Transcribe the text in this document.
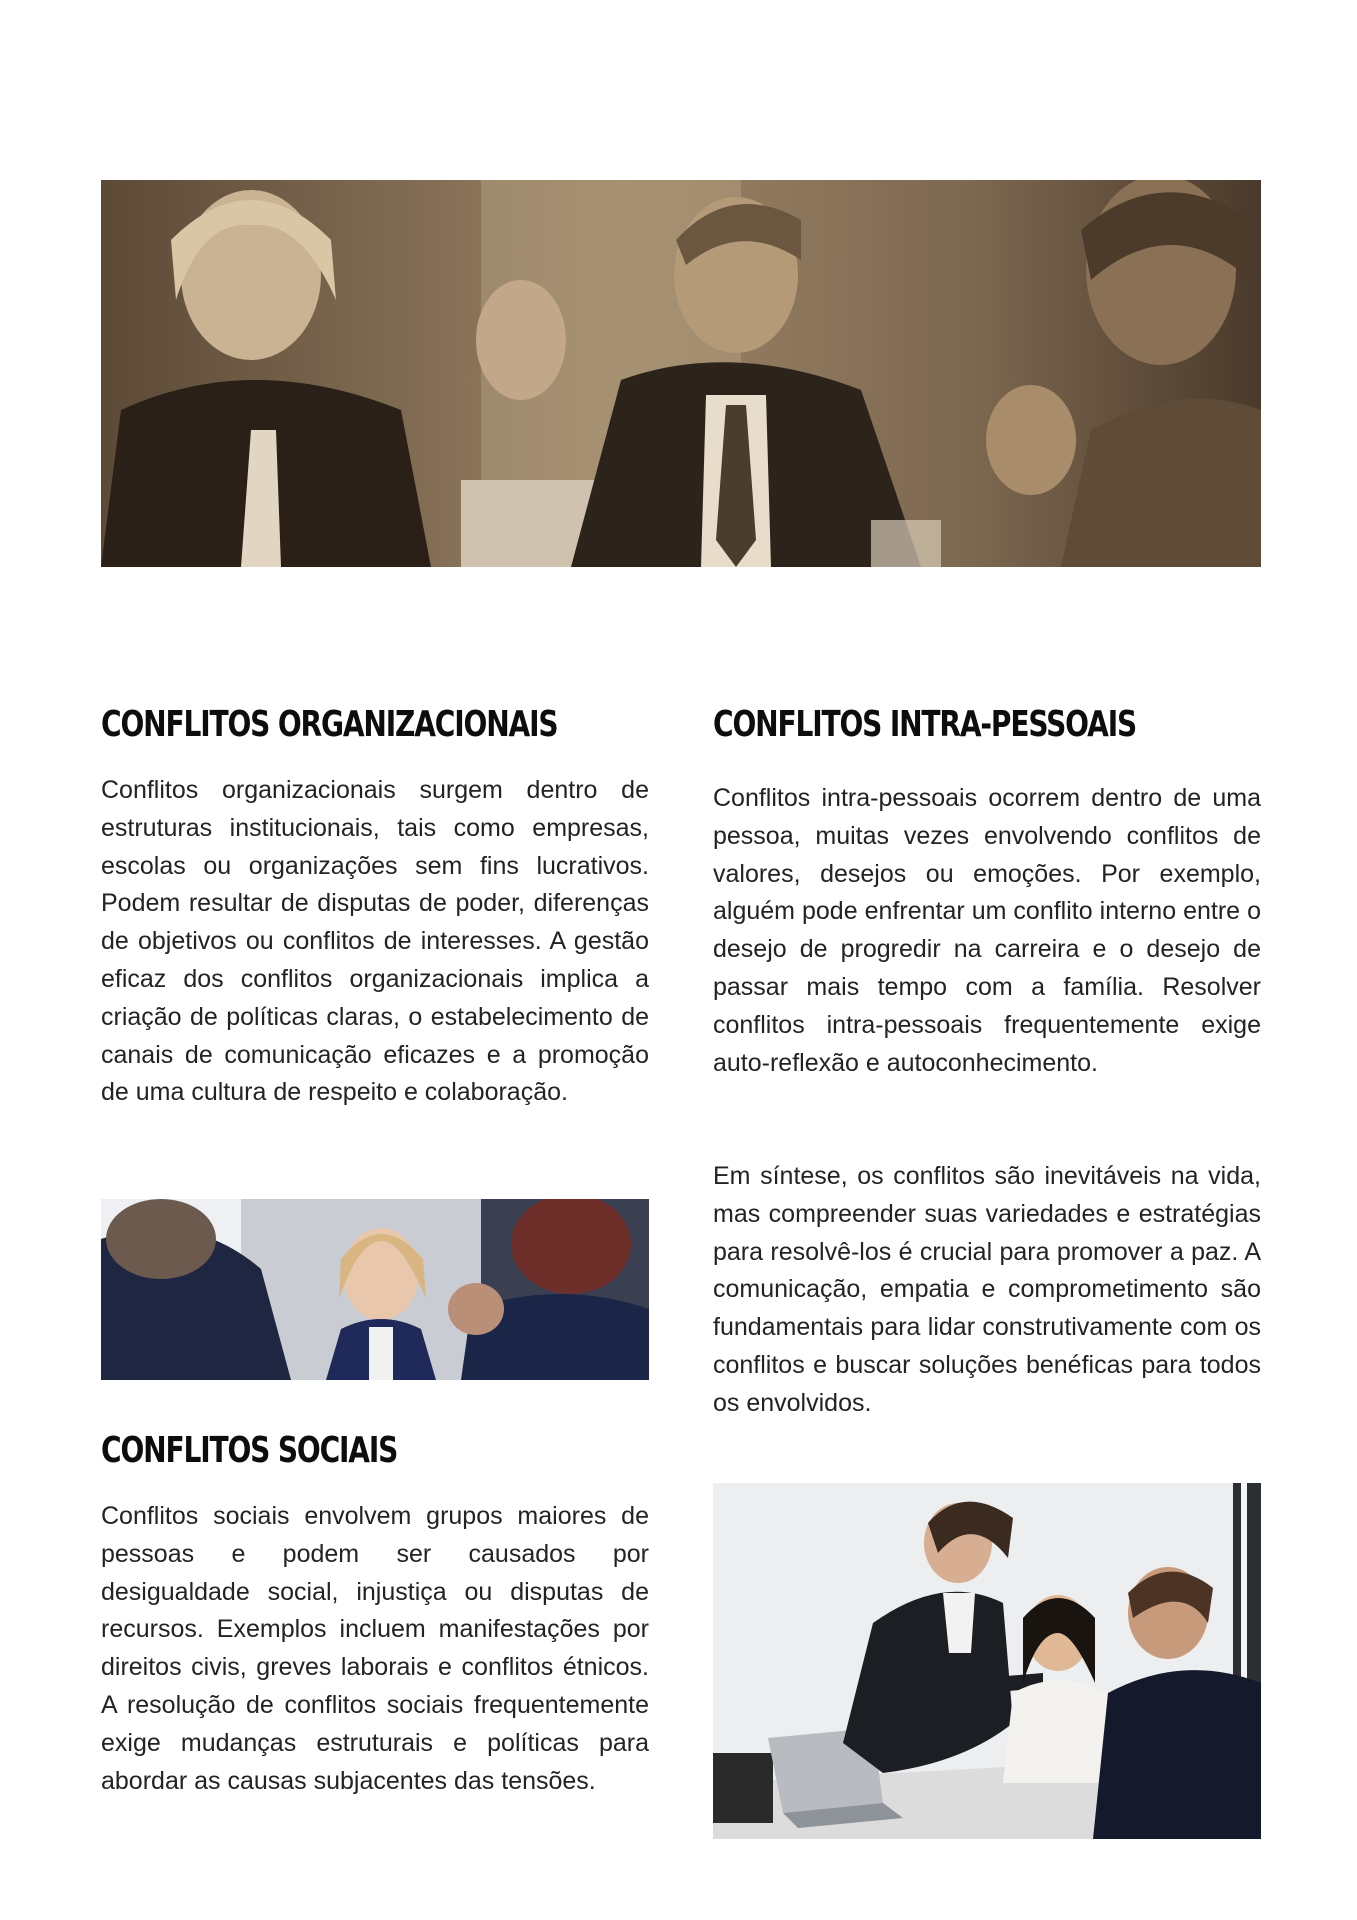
CONFLITOS ORGANIZACIONAIS

Conflitos organizacionais surgem dentro de estruturas institucionais, tais como empresas, escolas ou organizações sem fins lucrativos. Podem resultar de disputas de poder, diferenças de objetivos ou conflitos de interesses. A gestão eficaz dos conflitos organizacionais implica a criação de políticas claras, o estabelecimento de canais de comunicação eficazes e a promoção de uma cultura de respeito e colaboração.

CONFLITOS INTRA-PESSOAIS

Conflitos intra-pessoais ocorrem dentro de uma pessoa, muitas vezes envolvendo conflitos de valores, desejos ou emoções. Por exemplo, alguém pode enfrentar um conflito interno entre o desejo de progredir na carreira e o desejo de passar mais tempo com a família. Resolver conflitos intra-pessoais frequentemente exige auto-reflexão e autoconhecimento.

Em síntese, os conflitos são inevitáveis na vida, mas compreender suas variedades e estratégias para resolvê-los é crucial para promover a paz. A comunicação, empatia e comprometimento são fundamentais para lidar construtivamente com os conflitos e buscar soluções benéficas para todos os envolvidos.

CONFLITOS SOCIAIS

Conflitos sociais envolvem grupos maiores de pessoas e podem ser causados por desigualdade social, injustiça ou disputas de recursos. Exemplos incluem manifestações por direitos civis, greves laborais e conflitos étnicos. A resolução de conflitos sociais frequentemente exige mudanças estruturais e políticas para abordar as causas subjacentes das tensões.
